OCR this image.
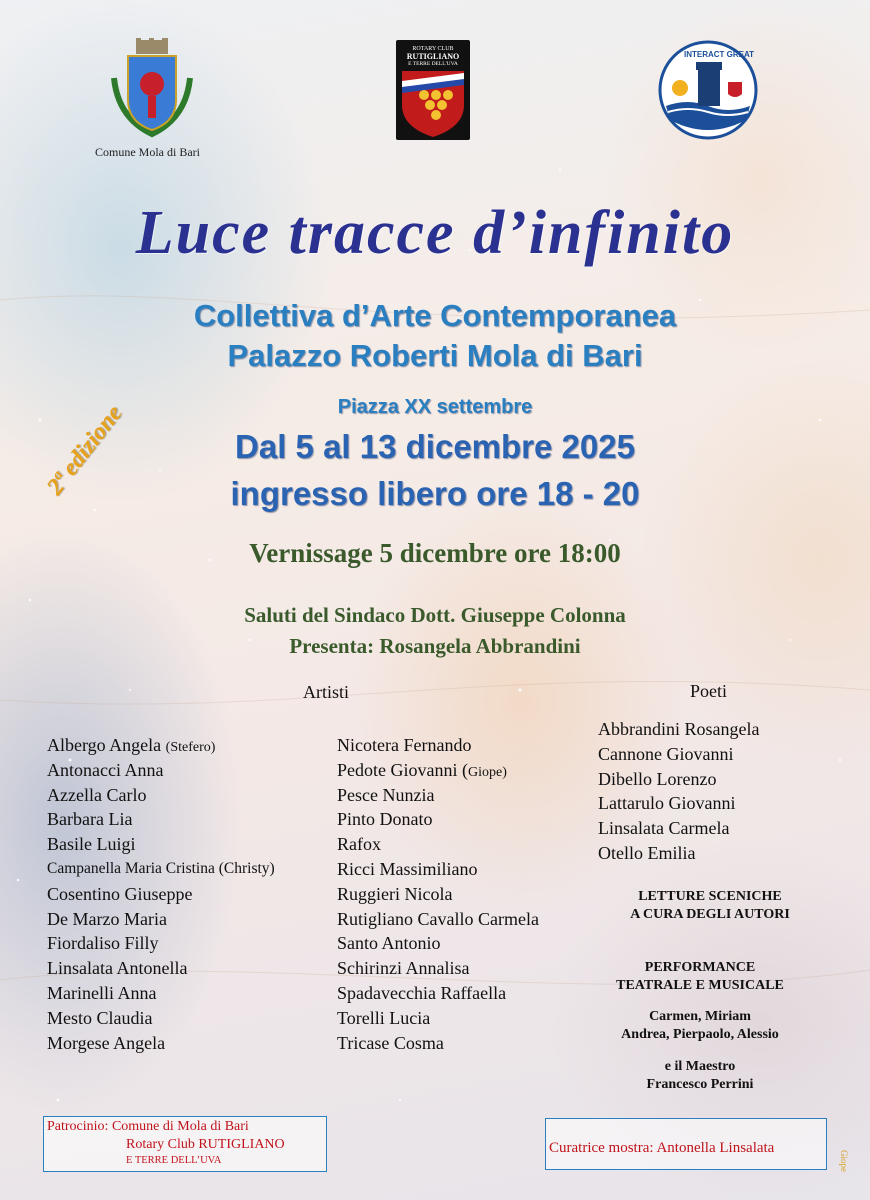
Comune Mola di Bari
ROTARY CLUB
RUTIGLIANO
E TERRE DELL'UVA
INTERACT GREAT
2ª edizione
Luce tracce d’infinito
Collettiva d’Arte Contemporanea
Palazzo Roberti Mola di Bari
Piazza XX settembre
Dal 5 al 13 dicembre 2025
ingresso libero ore 18 - 20
Vernissage 5 dicembre ore 18:00
Saluti del Sindaco Dott. Giuseppe Colonna
Presenta: Rosangela Abbrandini
Artisti	Poeti
Albergo Angela (Stefero)
Antonacci Anna
Azzella Carlo
Barbara Lia
Basile Luigi
Campanella Maria Cristina (Christy)
Cosentino Giuseppe
De Marzo Maria
Fiordaliso Filly
Linsalata Antonella
Marinelli Anna
Mesto Claudia
Morgese Angela
Nicotera Fernando
Pedote Giovanni (Giope)
Pesce Nunzia
Pinto Donato
Rafox
Ricci Massimiliano
Ruggieri Nicola
Rutigliano Cavallo Carmela
Santo Antonio
Schirinzi Annalisa
Spadavecchia Raffaella
Torelli Lucia
Tricase Cosma
Abbrandini Rosangela
Cannone Giovanni
Dibello Lorenzo
Lattarulo Giovanni
Linsalata Carmela
Otello Emilia
LETTURE SCENICHE
A CURA DEGLI AUTORI
PERFORMANCE
TEATRALE E MUSICALE
Carmen, Miriam
Andrea, Pierpaolo, Alessio
e il Maestro
Francesco Perrini
Patrocinio: Comune di Mola di Bari
Rotary Club RUTIGLIANO
E TERRE DELL’UVA
Curatrice mostra: Antonella Linsalata
Giope
